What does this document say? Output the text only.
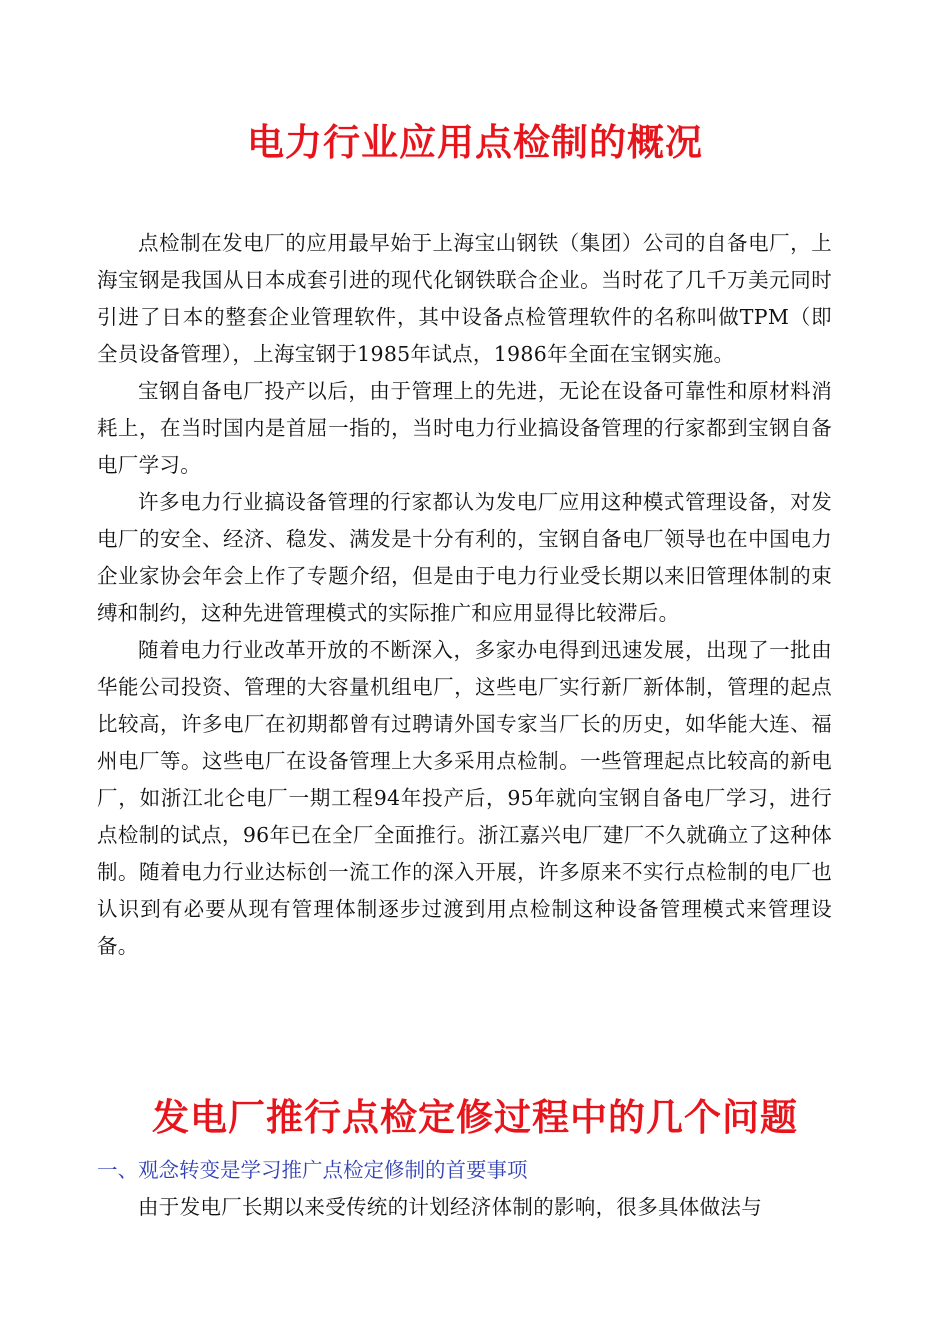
电力行业应用点检制的概况

点检制在发电厂的应用最早始于上海宝山钢铁（集团）公司的自备电厂，上海宝钢是我国从日本成套引进的现代化钢铁联合企业。当时花了几千万美元同时引进了日本的整套企业管理软件，其中设备点检管理软件的名称叫做TPM（即全员设备管理），上海宝钢于1985年试点，1986年全面在宝钢实施。

宝钢自备电厂投产以后，由于管理上的先进，无论在设备可靠性和原材料消耗上，在当时国内是首屈一指的，当时电力行业搞设备管理的行家都到宝钢自备电厂学习。

许多电力行业搞设备管理的行家都认为发电厂应用这种模式管理设备，对发电厂的安全、经济、稳发、满发是十分有利的，宝钢自备电厂领导也在中国电力企业家协会年会上作了专题介绍，但是由于电力行业受长期以来旧管理体制的束缚和制约，这种先进管理模式的实际推广和应用显得比较滞后。

随着电力行业改革开放的不断深入，多家办电得到迅速发展，出现了一批由华能公司投资、管理的大容量机组电厂，这些电厂实行新厂新体制，管理的起点比较高，许多电厂在初期都曾有过聘请外国专家当厂长的历史，如华能大连、福州电厂等。这些电厂在设备管理上大多采用点检制。一些管理起点比较高的新电厂，如浙江北仑电厂一期工程94年投产后，95年就向宝钢自备电厂学习，进行点检制的试点，96年已在全厂全面推行。浙江嘉兴电厂建厂不久就确立了这种体制。随着电力行业达标创一流工作的深入开展，许多原来不实行点检制的电厂也认识到有必要从现有管理体制逐步过渡到用点检制这种设备管理模式来管理设备。

发电厂推行点检定修过程中的几个问题
一、观念转变是学习推广点检定修制的首要事项

由于发电厂长期以来受传统的计划经济体制的影响，很多具体做法与
